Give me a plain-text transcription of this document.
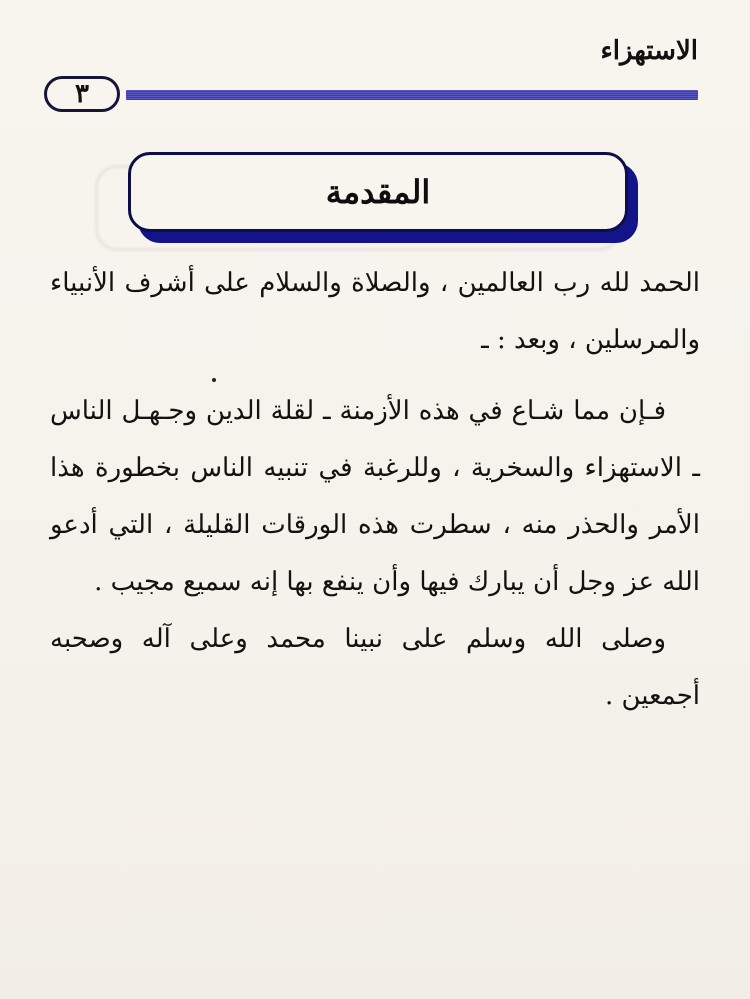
الاستهزاء
٣
المقدمة

الحمد لله رب العالمين ، والصلاة والسلام على أشرف الأنبياء والمرسلين ، وبعد : ـ

فـإن مما شـاع في هذه الأزمنة ـ لقلة الدين وجـهـل الناس ـ الاستهزاء والسخرية ، وللرغبة في تنبيه الناس بخطورة هذا الأمر والحذر منه ، سطرت هذه الورقات القليلة ، التي أدعو الله عز وجل أن يبارك فيها وأن ينفع بها إنه سميع مجيب .

وصلى الله وسلم على نبينا محمد وعلى آله وصحبه أجمعين .
